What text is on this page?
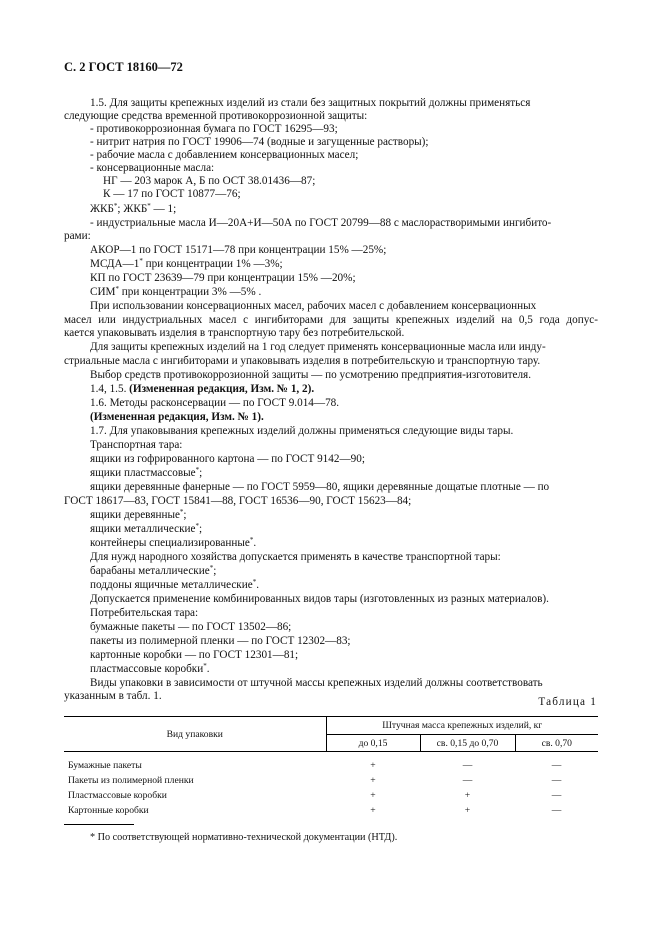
С. 2 ГОСТ 18160—72
1.5. Для защиты крепежных изделий из стали без защитных покрытий должны применяться
следующие средства временной противокоррозионной защиты:
- противокоррозионная бумага по ГОСТ 16295—93;
- нитрит натрия по ГОСТ 19906—74 (водные и загущенные растворы);
- рабочие масла с добавлением консервационных масел;
- консервационные масла:
НГ — 203 марок А, Б по ОСТ 38.01436—87;
К — 17 по ГОСТ 10877—76;
ЖКБ*; ЖКБ* — 1;
- индустриальные масла И—20А+И—50А по ГОСТ 20799—88 с маслорастворимыми ингибито-
рами:
АКОР—1 по ГОСТ 15171—78 при концентрации 15% —25%;
МСДА—1* при концентрации 1% —3%;
КП по ГОСТ 23639—79 при концентрации 15% —20%;
СИМ* при концентрации 3% —5% .
При использовании консервационных масел, рабочих масел с добавлением консервационных
масел или индустриальных масел с ингибиторами для защиты крепежных изделий на 0,5 года допус-
кается упаковывать изделия в транспортную тару без потребительской.
Для защиты крепежных изделий на 1 год следует применять консервационные масла или инду-
стриальные масла с ингибиторами и упаковывать изделия в потребительскую и транспортную тару.
Выбор средств противокоррозионной защиты — по усмотрению предприятия-изготовителя.
1.4, 1.5. (Измененная редакция, Изм. № 1, 2).
1.6. Методы расконсервации — по ГОСТ 9.014—78.
(Измененная редакция, Изм. № 1).
1.7. Для упаковывания крепежных изделий должны применяться следующие виды тары.
Транспортная тара:
ящики из гофрированного картона — по ГОСТ 9142—90;
ящики пластмассовые*;
ящики деревянные фанерные — по ГОСТ 5959—80, ящики деревянные дощатые плотные — по
ГОСТ 18617—83, ГОСТ 15841—88, ГОСТ 16536—90, ГОСТ 15623—84;
ящики деревянные*;
ящики металлические*;
контейнеры специализированные*.
Для нужд народного хозяйства допускается применять в качестве транспортной тары:
барабаны металлические*;
поддоны ящичные металлические*.
Допускается применение комбинированных видов тары (изготовленных из разных материалов).
Потребительская тара:
бумажные пакеты — по ГОСТ 13502—86;
пакеты из полимерной пленки — по ГОСТ 12302—83;
картонные коробки — по ГОСТ 12301—81;
пластмассовые коробки*.
Виды упаковки в зависимости от штучной массы крепежных изделий должны соответствовать
указанным в табл. 1.	Таблица 1
Вид упаковки	Штучная масса крепежных изделий, кг		
	до 0,15	св. 0,15 до 0,70	св. 0,70

Бумажные пакеты	+	—	—
Пакеты из полимерной пленки	+	—	—
Пластмассовые коробки	+	+	—
Картонные коробки	+	+	—
* По соответствующей нормативно-технической документации (НТД).
